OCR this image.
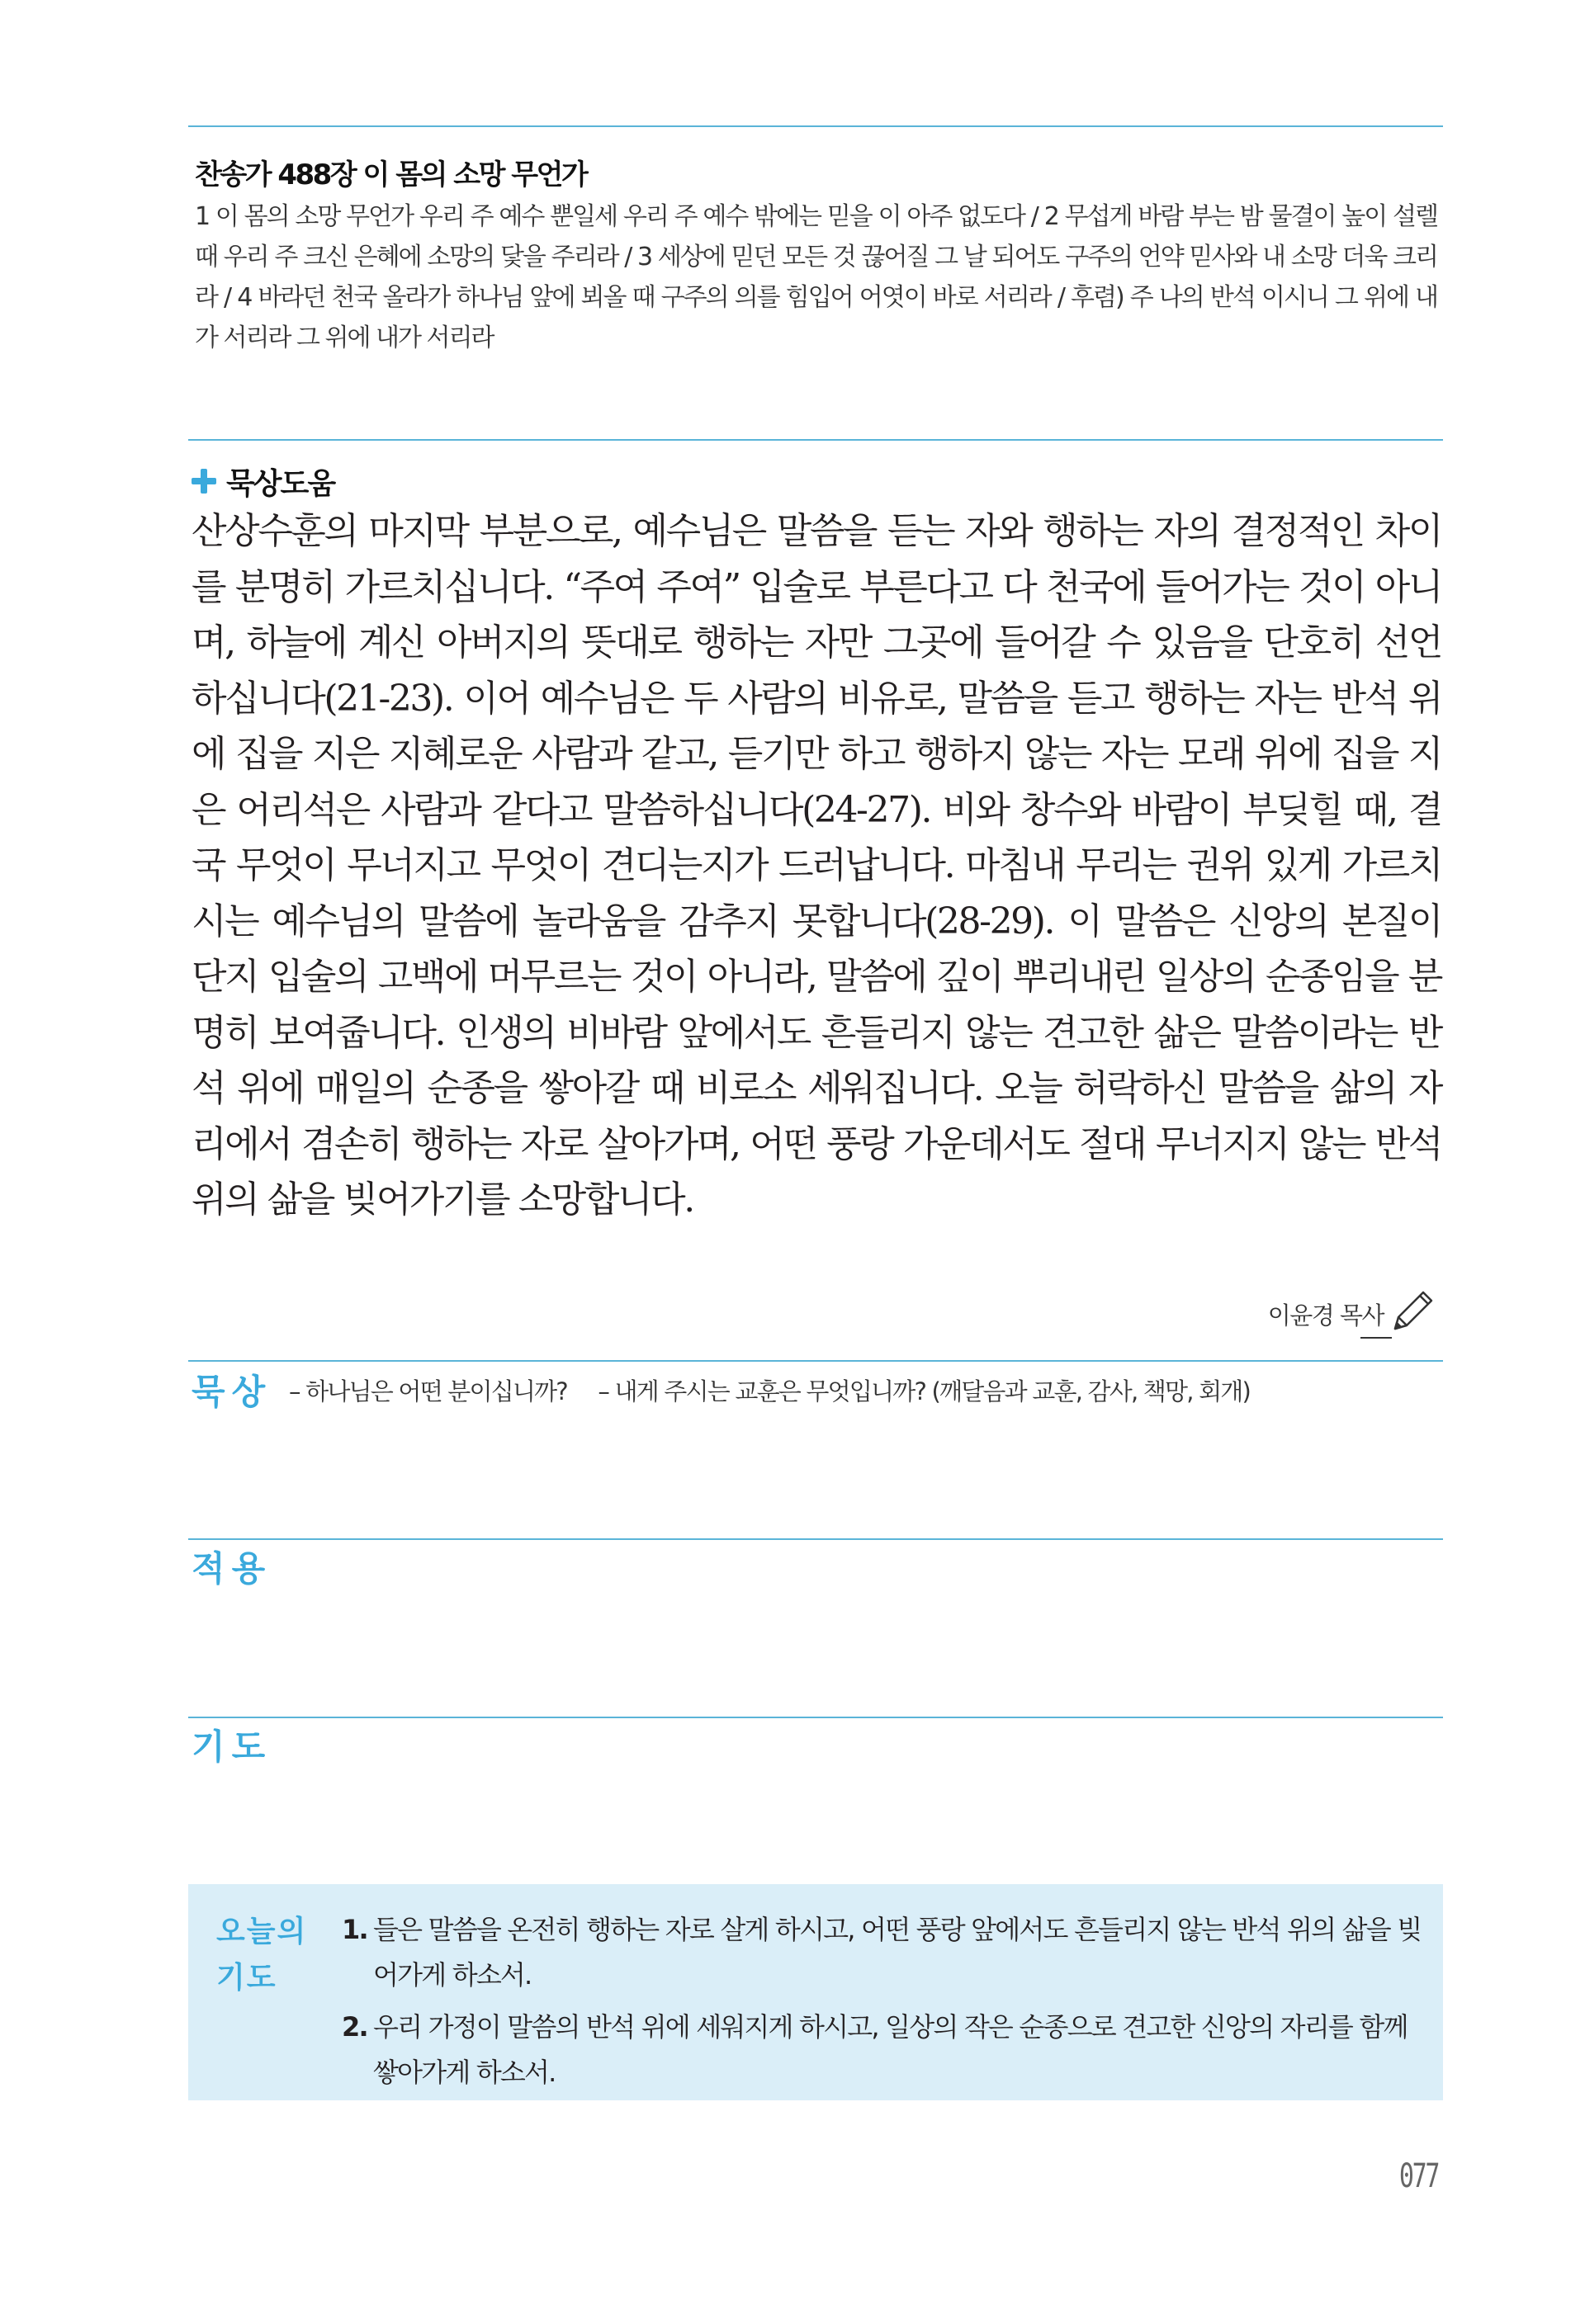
찬송가 488장 이 몸의 소망 무언가
1 이 몸의 소망 무언가 우리 주 예수 뿐일세 우리 주 예수 밖에는 믿을 이 아주 없도다 / 2 무섭게 바람 부는 밤 물결이 높이 설렐 때 우리 주 크신 은혜에 소망의 닻을 주리라 / 3 세상에 믿던 모든 것 끊어질 그 날 되어도 구주의 언약 믿사와 내 소망 더욱 크리라 / 4 바라던 천국 올라가 하나님 앞에 뵈올 때 구주의 의를 힘입어 어엿이 바로 서리라 / 후렴) 주 나의 반석 이시니 그 위에 내가 서리라 그 위에 내가 서리라
묵상도움
산상수훈의 마지막 부분으로, 예수님은 말씀을 듣는 자와 행하는 자의 결정적인 차이를 분명히 가르치십니다. “주여 주여” 입술로 부른다고 다 천국에 들어가는 것이 아니며, 하늘에 계신 아버지의 뜻대로 행하는 자만 그곳에 들어갈 수 있음을 단호히 선언하십니다(21-23). 이어 예수님은 두 사람의 비유로, 말씀을 듣고 행하는 자는 반석 위에 집을 지은 지혜로운 사람과 같고, 듣기만 하고 행하지 않는 자는 모래 위에 집을 지은 어리석은 사람과 같다고 말씀하십니다(24-27). 비와 창수와 바람이 부딪힐 때, 결국 무엇이 무너지고 무엇이 견디는지가 드러납니다. 마침내 무리는 권위 있게 가르치시는 예수님의 말씀에 놀라움을 감추지 못합니다(28-29). 이 말씀은 신앙의 본질이 단지 입술의 고백에 머무르는 것이 아니라, 말씀에 깊이 뿌리내린 일상의 순종임을 분명히 보여줍니다. 인생의 비바람 앞에서도 흔들리지 않는 견고한 삶은 말씀이라는 반석 위에 매일의 순종을 쌓아갈 때 비로소 세워집니다. 오늘 허락하신 말씀을 삶의 자리에서 겸손히 행하는 자로 살아가며, 어떤 풍랑 가운데서도 절대 무너지지 않는 반석 위의 삶을 빚어가기를 소망합니다.
이윤경 목사
묵상 – 하나님은 어떤 분이십니까? – 내게 주시는 교훈은 무엇입니까? (깨달음과 교훈, 감사, 책망, 회개)
적용
기도
오늘의
기도
1. 들은 말씀을 온전히 행하는 자로 살게 하시고, 어떤 풍랑 앞에서도 흔들리지 않는 반석 위의 삶을 빚어가게 하소서.
2. 우리 가정이 말씀의 반석 위에 세워지게 하시고, 일상의 작은 순종으로 견고한 신앙의 자리를 함께 쌓아가게 하소서.
077
